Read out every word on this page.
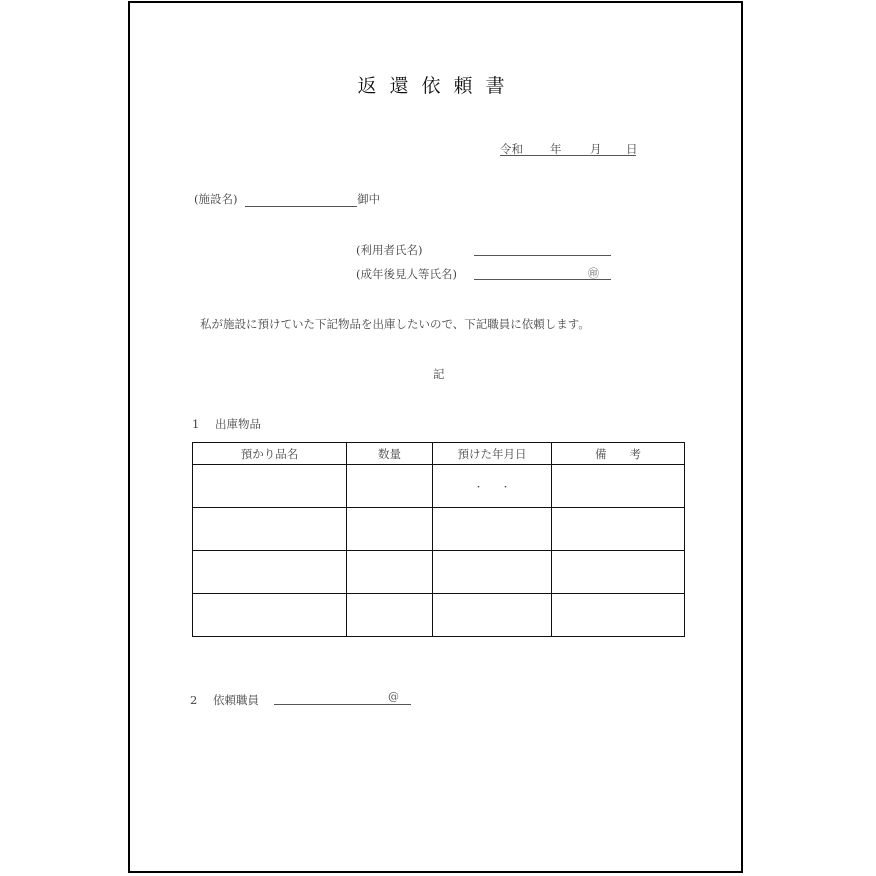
返還依頼書
令和 年 月 日
(施設名)	御中
(利用者氏名)
(成年後見人等氏名)	㊞
私が施設に預けていた下記物品を出庫したいので、下記職員に依頼します。
記
1 出庫物品
預かり品名	数量	預けた年月日	備　　考
		・　　・	

2 依頼職員	@
